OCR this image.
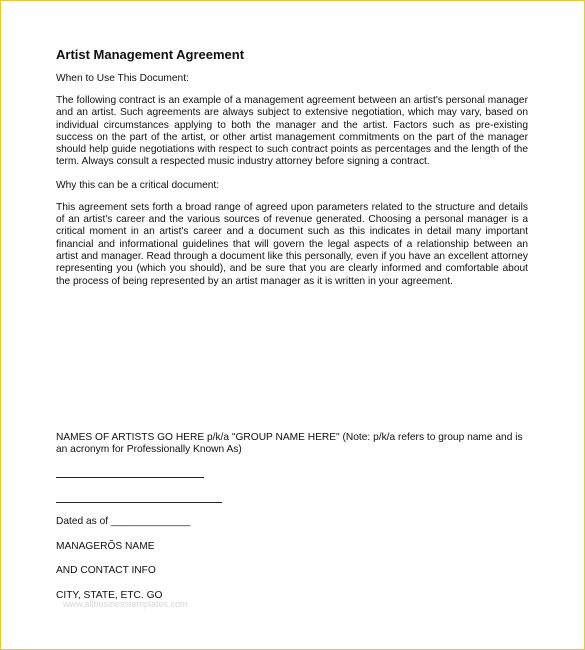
Artist Management Agreement
When to Use This Document:
The following contract is an example of a management agreement between an artist's personal manager and an artist. Such agreements are always subject to extensive negotiation, which may vary, based on individual circumstances applying to both the manager and the artist. Factors such as pre-existing success on the part of the artist, or other artist management commitments on the part of the manager should help guide negotiations with respect to such contract points as percentages and the length of the term. Always consult a respected music industry attorney before signing a contract.
Why this can be a critical document:
This agreement sets forth a broad range of agreed upon parameters related to the structure and details of an artist's career and the various sources of revenue generated. Choosing a personal manager is a critical moment in an artist's career and a document such as this indicates in detail many important financial and informational guidelines that will govern the legal aspects of a relationship between an artist and manager. Read through a document like this personally, even if you have an excellent attorney representing you (which you should), and be sure that you are clearly informed and comfortable about the process of being represented by an artist manager as it is written in your agreement.
NAMES OF ARTISTS GO HERE p/k/a "GROUP NAME HERE" (Note: p/k/a refers to group name and is an acronym for Professionally Known As)
Dated as of ______________
MANAGERÕS NAME
AND CONTACT INFO
CITY, STATE, ETC. GO
www.allbusinesstemplates.com
